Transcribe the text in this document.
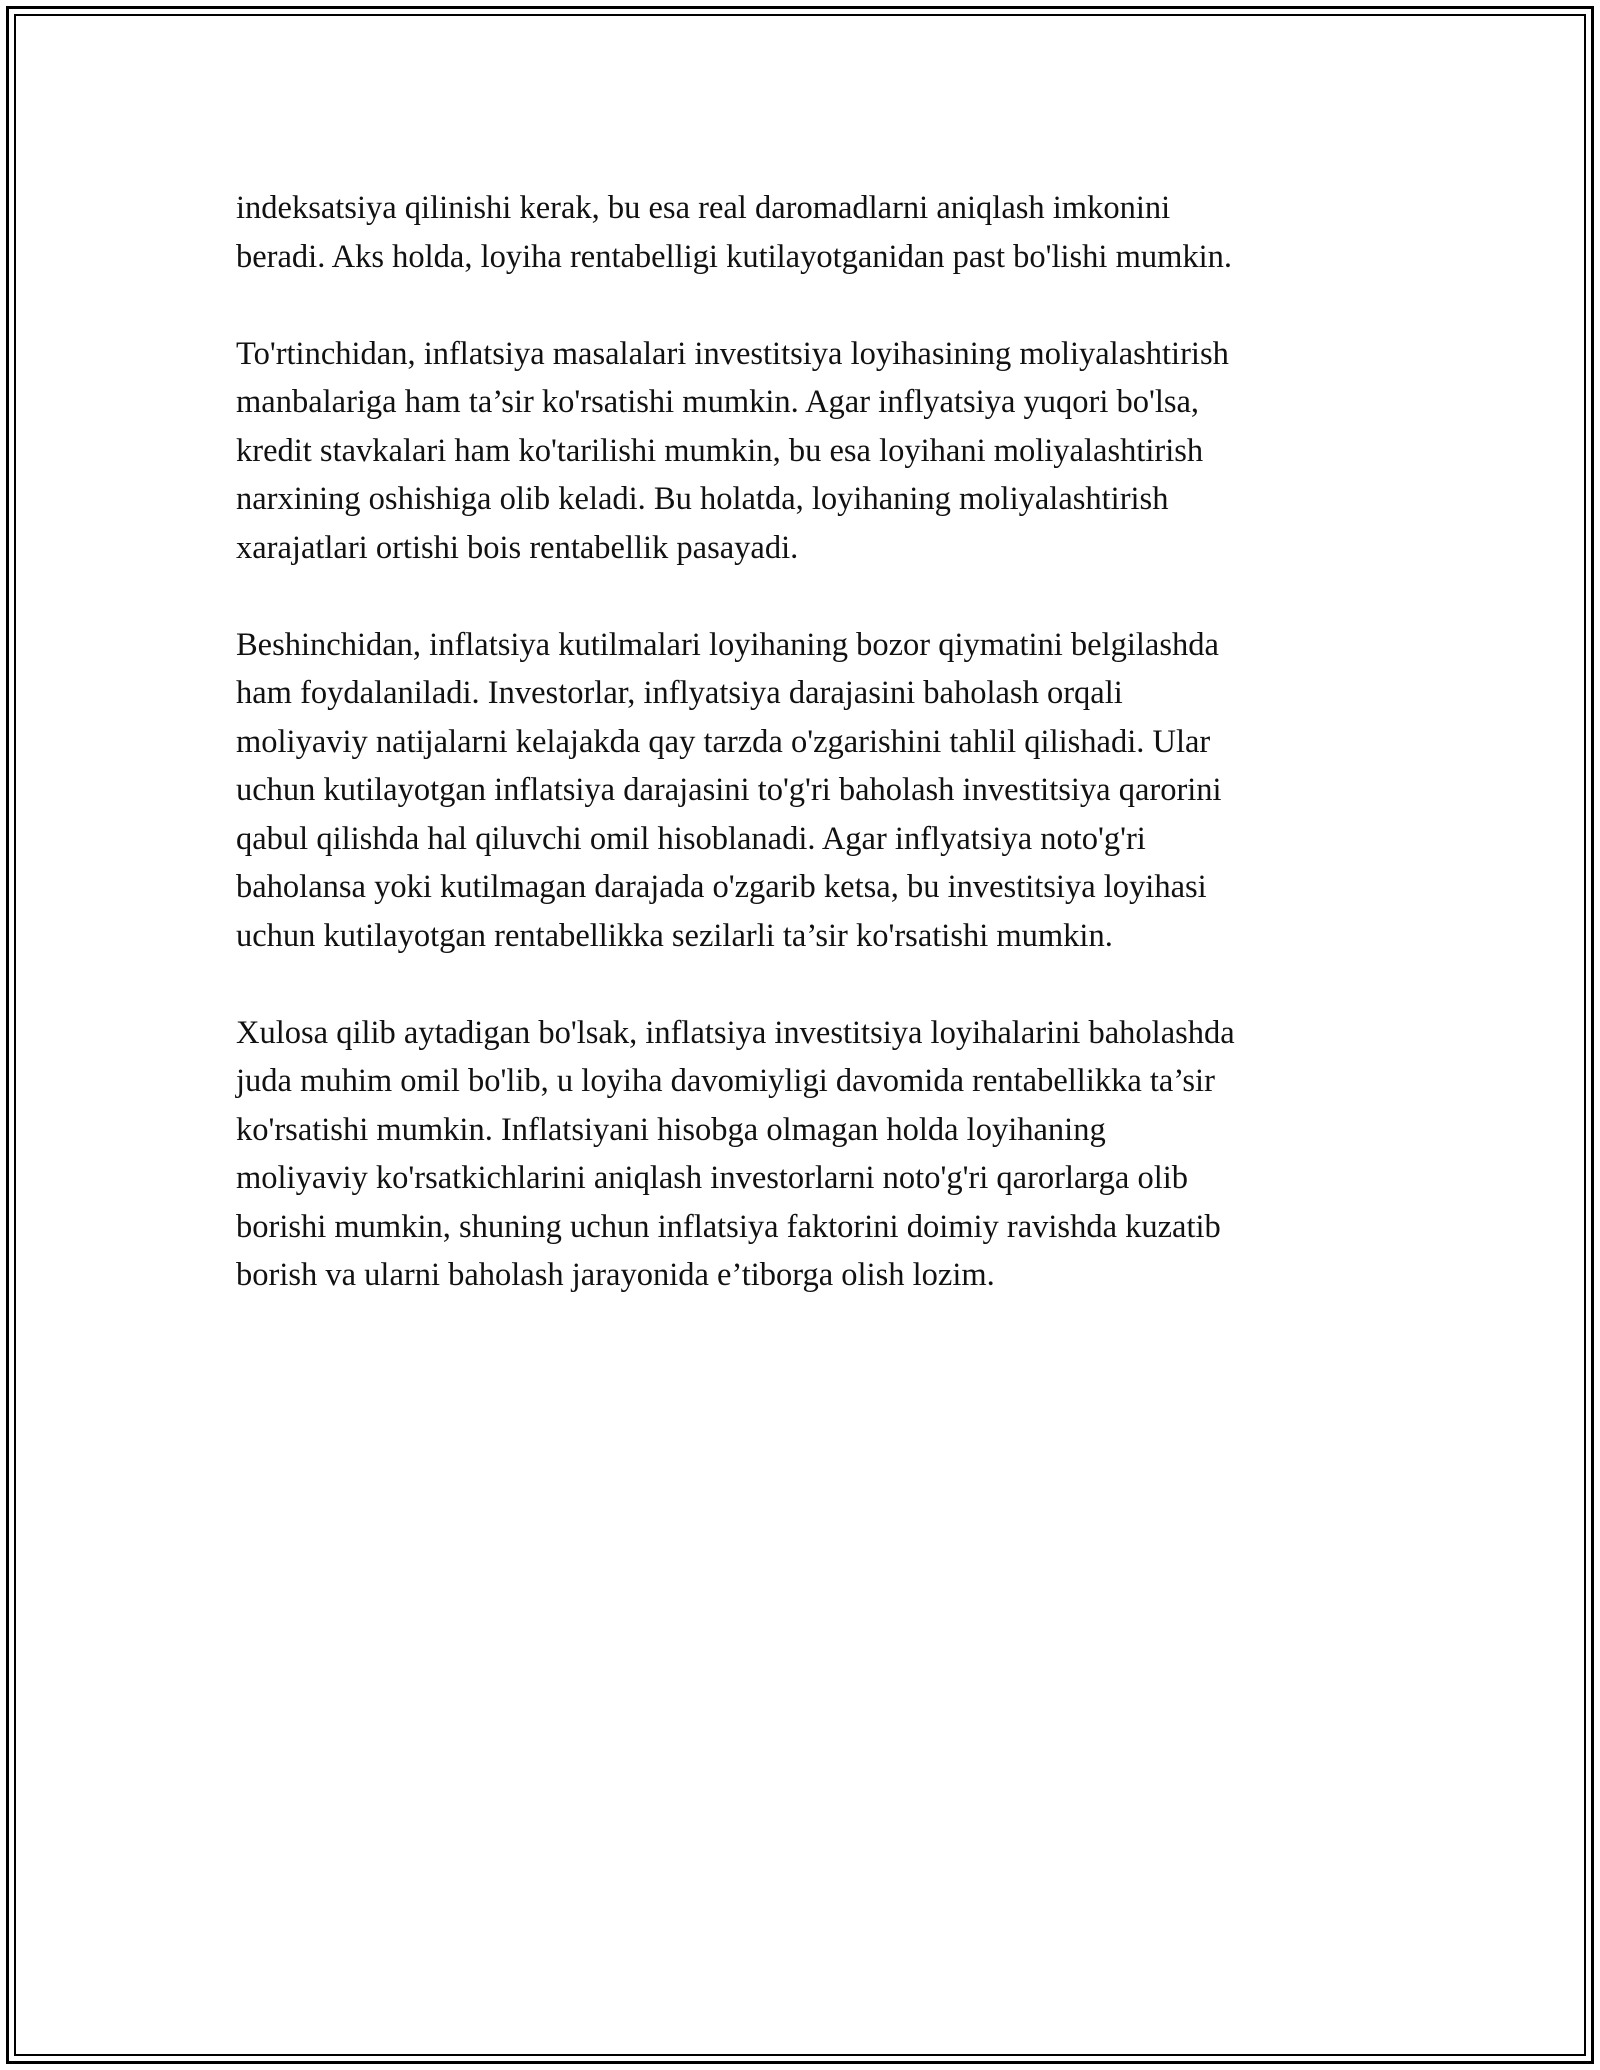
indeksatsiya qilinishi kerak, bu esa real daromadlarni aniqlash imkonini
beradi. Aks holda, loyiha rentabelligi kutilayotganidan past bo'lishi mumkin.

To'rtinchidan, inflatsiya masalalari investitsiya loyihasining moliyalashtirish
manbalariga ham ta’sir ko'rsatishi mumkin. Agar inflyatsiya yuqori bo'lsa,
kredit stavkalari ham ko'tarilishi mumkin, bu esa loyihani moliyalashtirish
narxining oshishiga olib keladi. Bu holatda, loyihaning moliyalashtirish
xarajatlari ortishi bois rentabellik pasayadi.

Beshinchidan, inflatsiya kutilmalari loyihaning bozor qiymatini belgilashda
ham foydalaniladi. Investorlar, inflyatsiya darajasini baholash orqali
moliyaviy natijalarni kelajakda qay tarzda o'zgarishini tahlil qilishadi. Ular
uchun kutilayotgan inflatsiya darajasini to'g'ri baholash investitsiya qarorini
qabul qilishda hal qiluvchi omil hisoblanadi. Agar inflyatsiya noto'g'ri
baholansa yoki kutilmagan darajada o'zgarib ketsa, bu investitsiya loyihasi
uchun kutilayotgan rentabellikka sezilarli ta’sir ko'rsatishi mumkin.

Xulosa qilib aytadigan bo'lsak, inflatsiya investitsiya loyihalarini baholashda
juda muhim omil bo'lib, u loyiha davomiyligi davomida rentabellikka ta’sir
ko'rsatishi mumkin. Inflatsiyani hisobga olmagan holda loyihaning
moliyaviy ko'rsatkichlarini aniqlash investorlarni noto'g'ri qarorlarga olib
borishi mumkin, shuning uchun inflatsiya faktorini doimiy ravishda kuzatib
borish va ularni baholash jarayonida e’tiborga olish lozim.
